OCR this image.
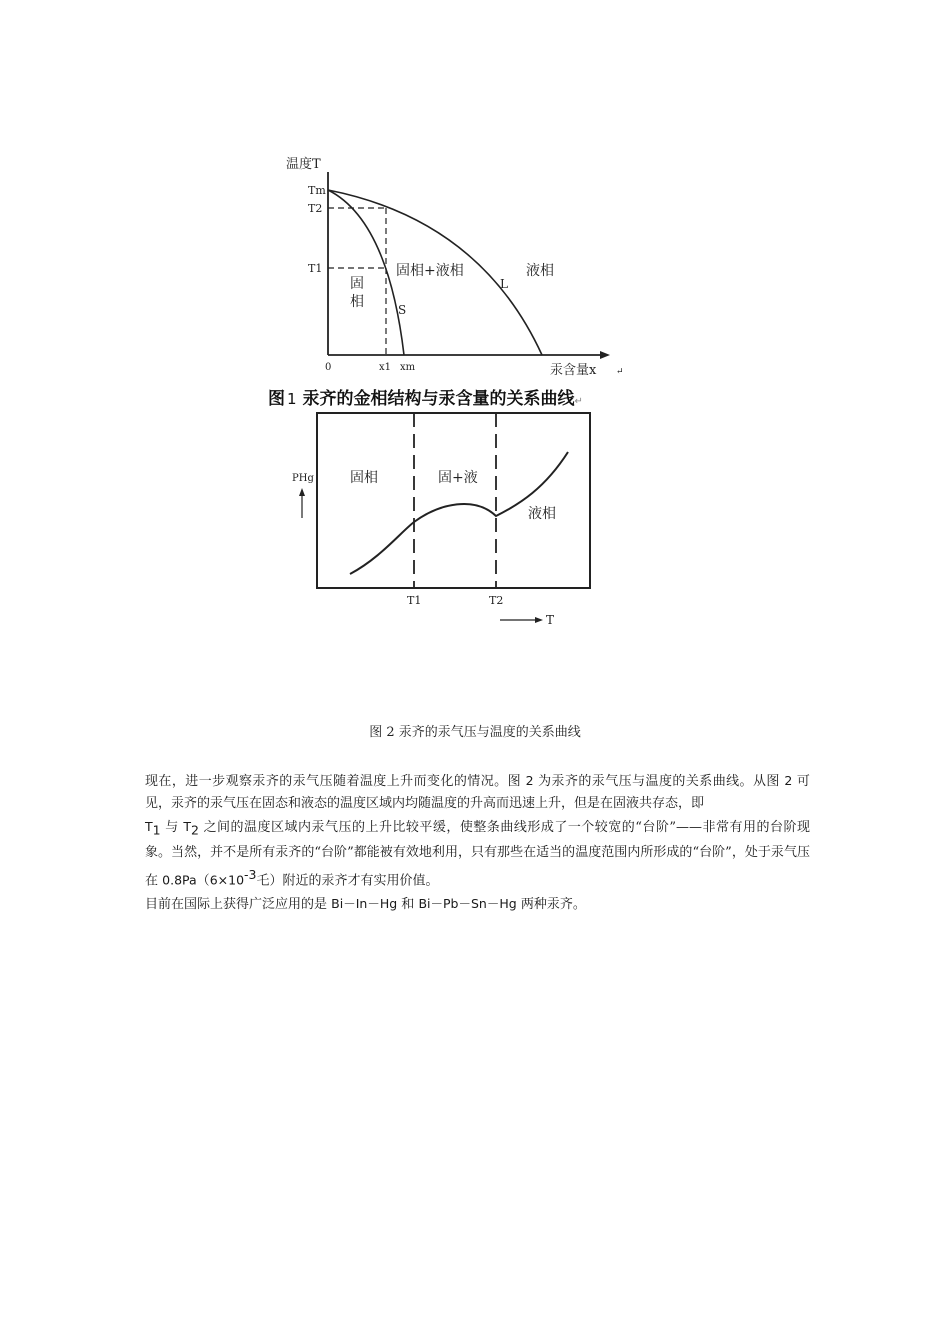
温度T
Tm
T2
T1
0	x1 xm	汞含量x ↵
固
相
固相+液相	液相
L
S
图 1 汞齐的金相结构与汞含量的关系曲线↵
PHg	固相	固+液
液相
T1	T2
T
图 2 汞齐的汞气压与温度的关系曲线
现在，进一步观察汞齐的汞气压随着温度上升而变化的情况。图 2 为汞齐的汞气压与温度的关系曲线。从图 2 可见，汞齐的汞气压在固态和液态的温度区域内均随温度的升高而迅速上升，但是在固液共存态，即
$T_1$ 与 $T_2$ 之间的温度区域内汞气压的上升比较平缓，使整条曲线形成了一个较宽的“台阶”——非常有用的台阶现象。当然，并不是所有汞齐的“台阶”都能被有效地利用，只有那些在适当的温度范围内所形成的“台阶”，处于汞气压在 $0.8Pa(6\times 10^{-3}$乇）附近的汞齐才有实用价值。
目前在国际上获得广泛应用的是 Bi－In－Hg 和 Bi－Pb－Sn－Hg 两种汞齐。
